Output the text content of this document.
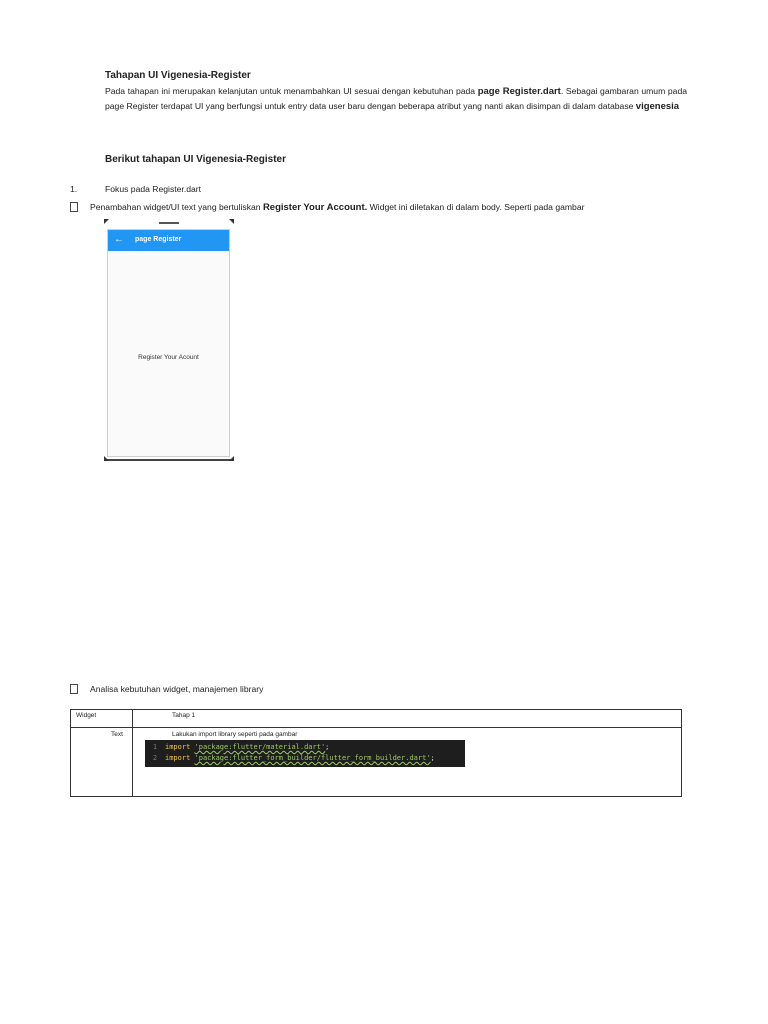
Tahapan UI Vigenesia-Register
Pada tahapan ini merupakan kelanjutan untuk menambahkan UI sesuai dengan kebutuhan pada page Register.dart. Sebagai gambaran umum pada page Register terdapat UI yang berfungsi untuk entry data user baru dengan beberapa atribut yang nanti akan disimpan di dalam database vigenesia
Berikut tahapan UI Vigenesia-Register
1.	Fokus pada Register.dart
Penambahan widget/UI text yang bertuliskan Register Your Account. Widget ini diletakan di dalam body. Seperti pada gambar
← page Register
Register Your Acount
Analisa kebutuhan widget, manajemen library
Widget	Tahap 1
Text	Lakukan import library seperti pada gambar
1 import 'package:flutter/material.dart';
2 import 'package:flutter_form_builder/flutter_form_builder.dart';
